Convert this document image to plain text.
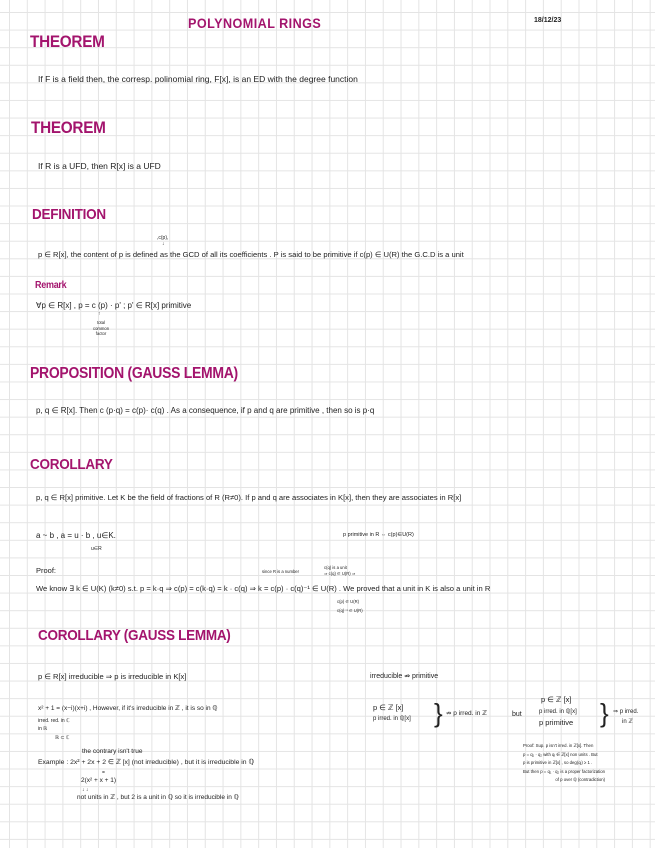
POLYNOMIAL RINGS	18/12/23
THEOREM
If F is a field then, the corresp. polinomial ring, F[x], is an ED with the degree function
THEOREM
If R is a UFD, then R[x] is a UFD
DEFINITION
,c(p),
↓
p ∈ R[x], the content of p is defined as the GCD of all its coefficients . P is said to be primitive if c(p) ∈ U(R) the G.C.D is a unit
Remark
∀p ∈ R[x] , p = c (p) · p' ; p' ∈ R[x] primitive
↑
total
common
factor
PROPOSITION (GAUSS LEMMA)
p, q ∈ R[x]. Then c (p·q) = c(p)· c(q) . As a consequence, if p and q are primitive , then so is p·q
COROLLARY
p, q ∈ R[x] primitive. Let K be the field of fractions of R (R≠0). If p and q are associates in K[x], then they are associates in R[x]
a ~ b , a = u · b , u∈K.
u∈R
p primitive in R ⇔ c(p)∈U(R)
Proof:	since R is a number
c(q) is a unit
⇒ c(q) ∈ U(R) ⇒
We know ∃ k ∈ U(K) (k≠0) s.t. p = k·q ⇒ c(p) = c(k·q) = k · c(q) ⇒ k = c(p) · c(q)⁻¹ ∈ U(R) . We proved that a unit in K is also a unit in R
c(p) ∈ U(R)
c(q)⁻¹ ∈ U(R)
COROLLARY (GAUSS LEMMA)
p ∈ R[x] irreducible ⇒ p is irreducible in K[x]
x² + 1 = (x−i)(x+i) , However, if it's irreducible in ℤ , it is so in ℚ
irred. red. in ℂ
in ℝ
ℝ ⊂ ℂ
the contrary isn't true
Example : 2x² + 2x + 2 ∈ ℤ [x] (not irreducible) , but it is irreducible in ℚ
=
2(x² + x + 1)
↓ ↓
not units in ℤ , but 2 is a unit in ℚ so it is irreducible in ℚ
irreducible ⇏ primitive
p ∈ ℤ [x]
p irred. in ℚ[x] } ⇏ p irred. in ℤ	but
p ∈ ℤ [x]
p irred. in ℚ[x]
p primitive } ⇒ p irred.
in ℤ
Proof: Sup. p isn't irred. in ℤ[x]. Then
p = q₁ · q₂ with qᵢ ∈ ℤ[x] non units . But
p is primitive in ℤ[x] , so deg(qᵢ) ≥ 1 .
But then p = q₁ · q₂ is a proper factorization
of p over ℚ (contradiction)
